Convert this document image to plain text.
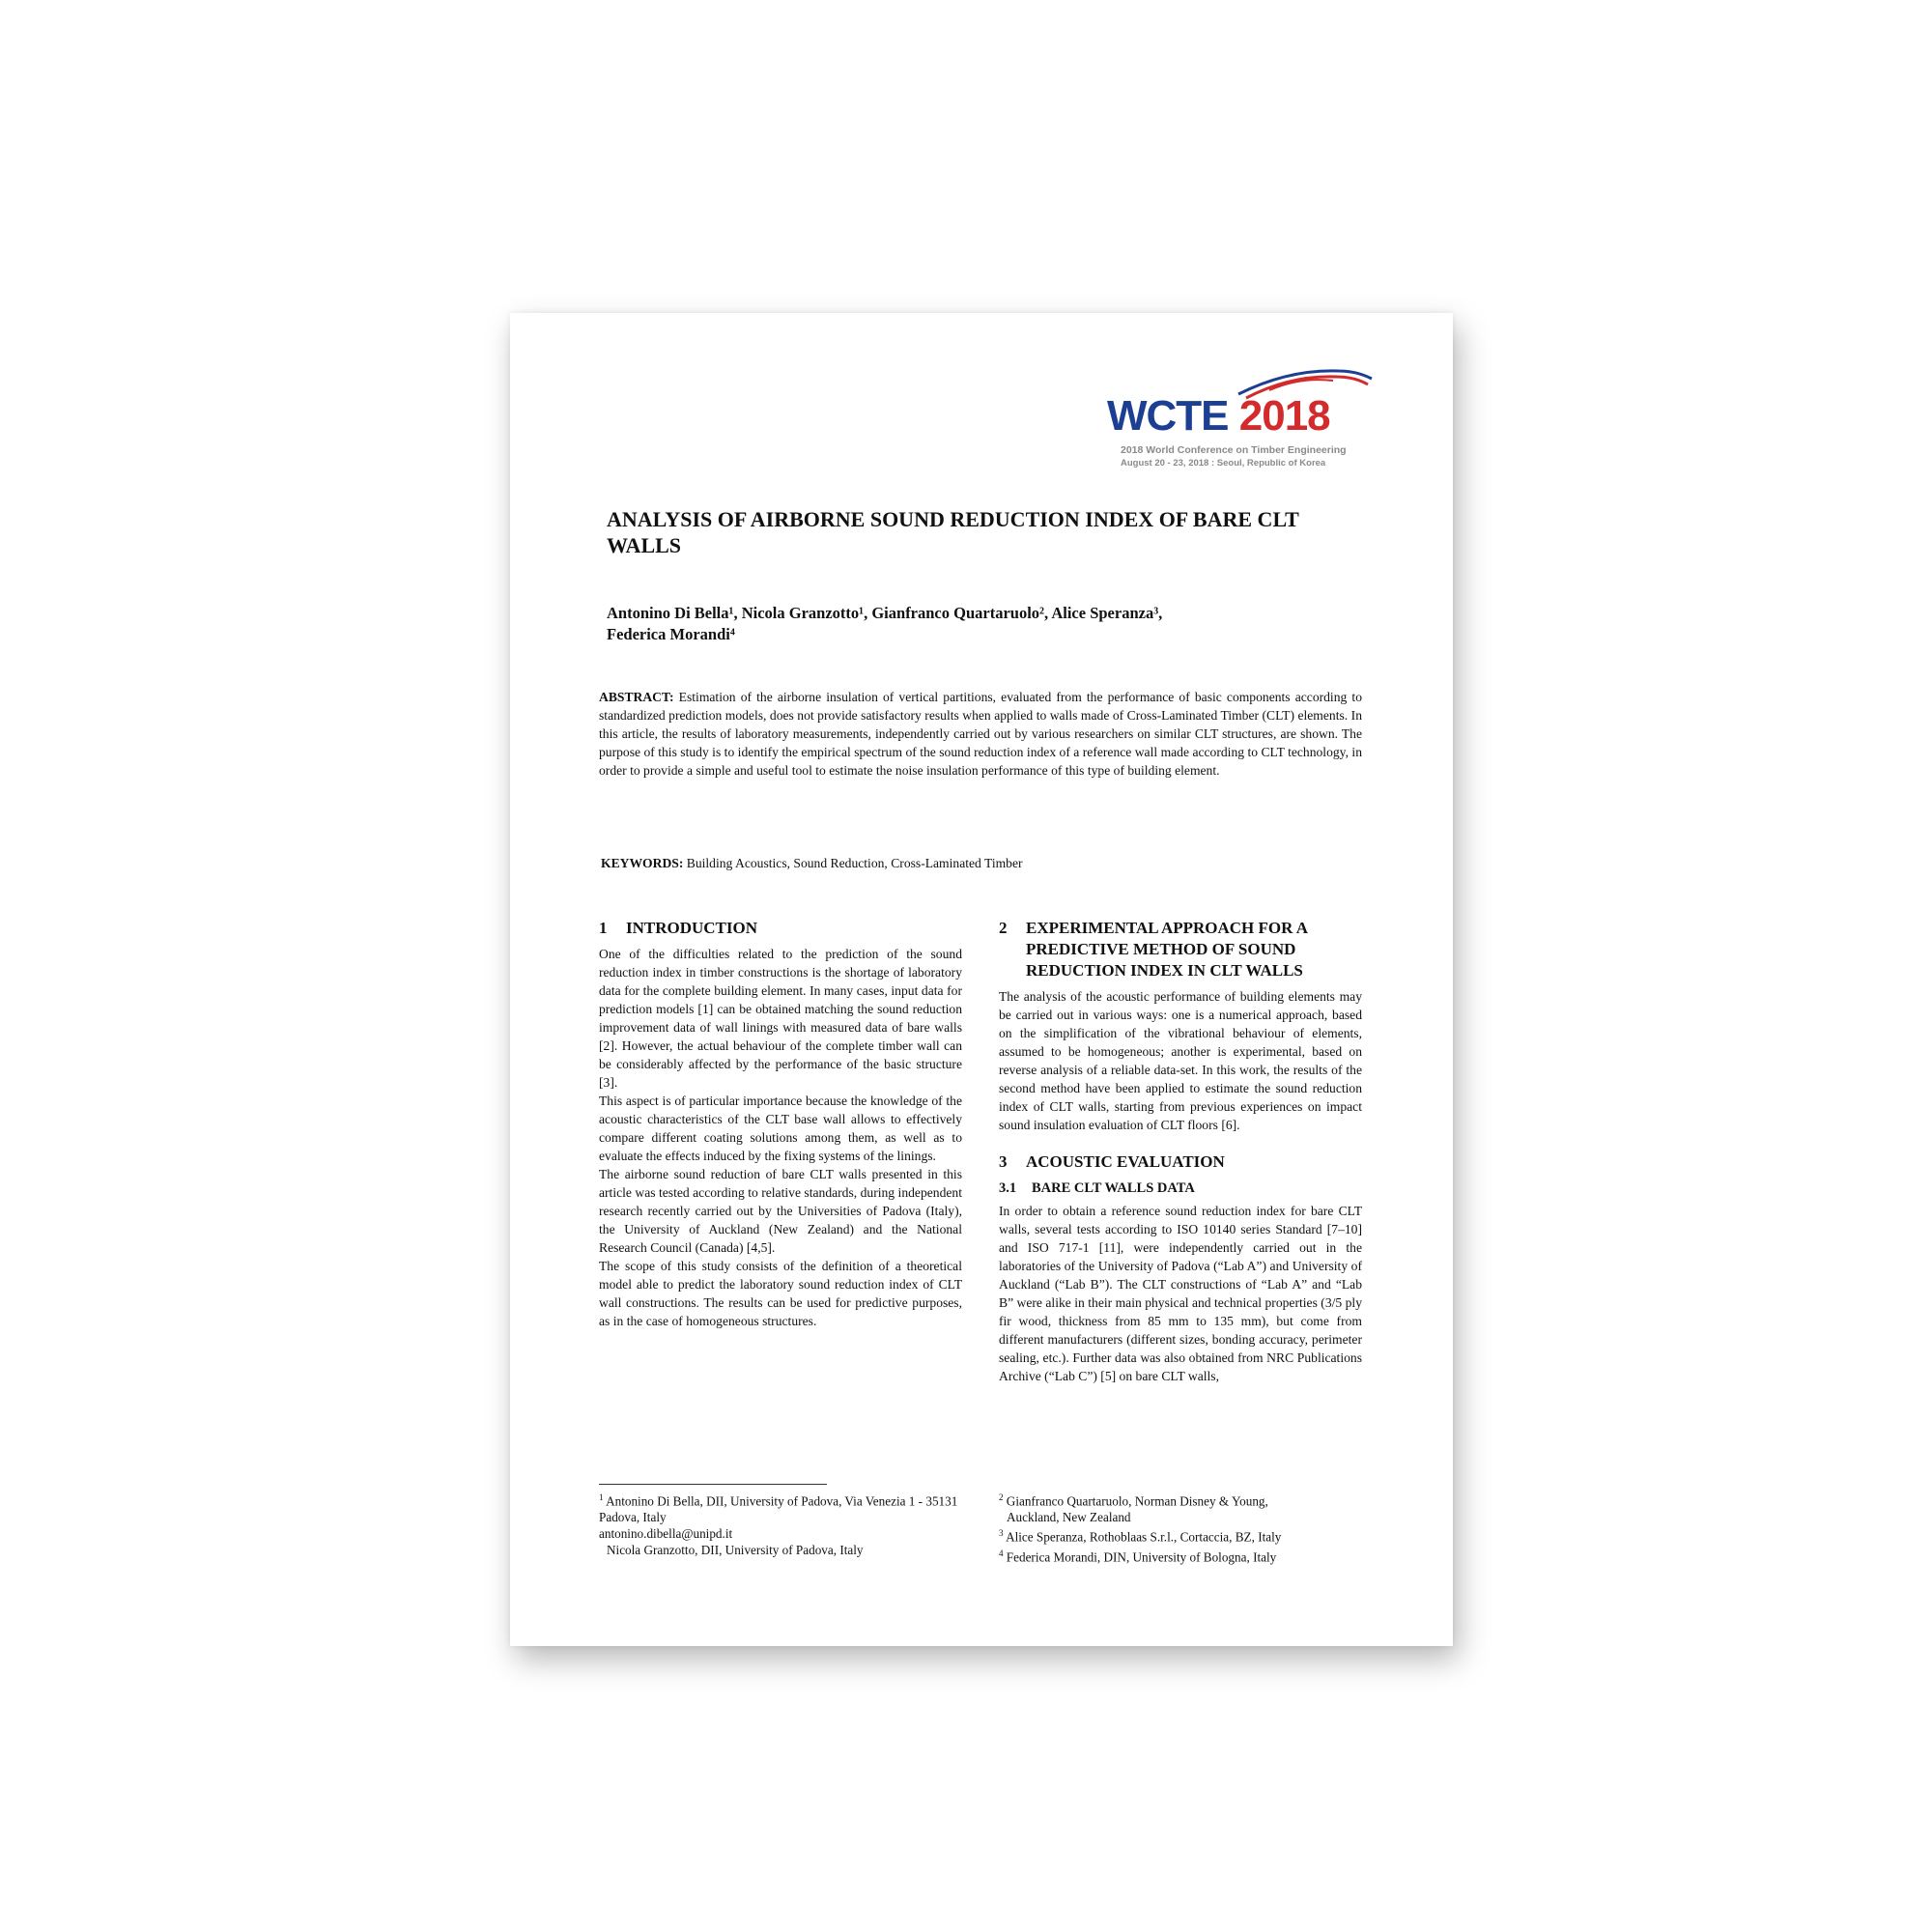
WCTE 2018
2018 World Conference on Timber Engineering
August 20 - 23, 2018 : Seoul, Republic of Korea
ANALYSIS OF AIRBORNE SOUND REDUCTION INDEX OF BARE CLT WALLS
Antonino Di Bella¹, Nicola Granzotto¹, Gianfranco Quartaruolo², Alice Speranza³, Federica Morandi⁴
ABSTRACT: Estimation of the airborne insulation of vertical partitions, evaluated from the performance of basic components according to standardized prediction models, does not provide satisfactory results when applied to walls made of Cross-Laminated Timber (CLT) elements. In this article, the results of laboratory measurements, independently carried out by various researchers on similar CLT structures, are shown. The purpose of this study is to identify the empirical spectrum of the sound reduction index of a reference wall made according to CLT technology, in order to provide a simple and useful tool to estimate the noise insulation performance of this type of building element.
KEYWORDS: Building Acoustics, Sound Reduction, Cross-Laminated Timber
1	INTRODUCTION

One of the difficulties related to the prediction of the sound reduction index in timber constructions is the shortage of laboratory data for the complete building element. In many cases, input data for prediction models [1] can be obtained matching the sound reduction improvement data of wall linings with measured data of bare walls [2]. However, the actual behaviour of the complete timber wall can be considerably affected by the performance of the basic structure [3].

This aspect is of particular importance because the knowledge of the acoustic characteristics of the CLT base wall allows to effectively compare different coating solutions among them, as well as to evaluate the effects induced by the fixing systems of the linings.

The airborne sound reduction of bare CLT walls presented in this article was tested according to relative standards, during independent research recently carried out by the Universities of Padova (Italy), the University of Auckland (New Zealand) and the National Research Council (Canada) [4,5].

The scope of this study consists of the definition of a theoretical model able to predict the laboratory sound reduction index of CLT wall constructions. The results can be used for predictive purposes, as in the case of homogeneous structures.

2	EXPERIMENTAL APPROACH FOR A PREDICTIVE METHOD OF SOUND REDUCTION INDEX IN CLT WALLS

The analysis of the acoustic performance of building elements may be carried out in various ways: one is a numerical approach, based on the simplification of the vibrational behaviour of elements, assumed to be homogeneous; another is experimental, based on reverse analysis of a reliable data-set. In this work, the results of the second method have been applied to estimate the sound reduction index of CLT walls, starting from previous experiences on impact sound insulation evaluation of CLT floors [6].

3	ACOUSTIC EVALUATION
3.1	BARE CLT WALLS DATA

In order to obtain a reference sound reduction index for bare CLT walls, several tests according to ISO 10140 series Standard [7–10] and ISO 717-1 [11], were independently carried out in the laboratories of the University of Padova (“Lab A”) and University of Auckland (“Lab B”). The CLT constructions of “Lab A” and “Lab B” were alike in their main physical and technical properties (3/5 ply fir wood, thickness from 85 mm to 135 mm), but come from different manufacturers (different sizes, bonding accuracy, perimeter sealing, etc.). Further data was also obtained from NRC Publications Archive (“Lab C”) [5] on bare CLT walls,

$^1$ Antonino Di Bella, DII, University of Padova, Via Venezia 1 - 35131 Padova, Italy
antonino.dibella@unipd.it
Nicola Granzotto, DII, University of Padova, Italy
$^2$ Gianfranco Quartaruolo, Norman Disney & Young,
Auckland, New Zealand
$^3$ Alice Speranza, Rothoblaas S.r.l., Cortaccia, BZ, Italy
$^4$ Federica Morandi, DIN, University of Bologna, Italy
